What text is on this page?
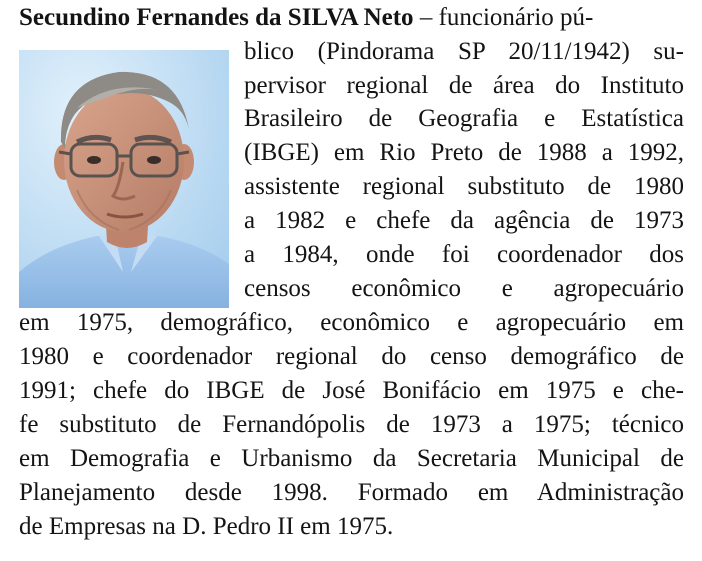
Secundino Fernandes da SILVA Neto – funcionário pú-
blico (Pindorama SP 20/11/1942) su-
pervisor regional de área do Instituto
Brasileiro de Geografia e Estatística
(IBGE) em Rio Preto de 1988 a 1992,
assistente regional substituto de 1980
a 1982 e chefe da agência de 1973
a 1984, onde foi coordenador dos
censos econômico e agropecuário
em 1975, demográfico, econômico e agropecuário em
1980 e coordenador regional do censo demográfico de
1991; chefe do IBGE de José Bonifácio em 1975 e che-
fe substituto de Fernandópolis de 1973 a 1975; técnico
em Demografia e Urbanismo da Secretaria Municipal de
Planejamento desde 1998. Formado em Administração
de Empresas na D. Pedro II em 1975.
